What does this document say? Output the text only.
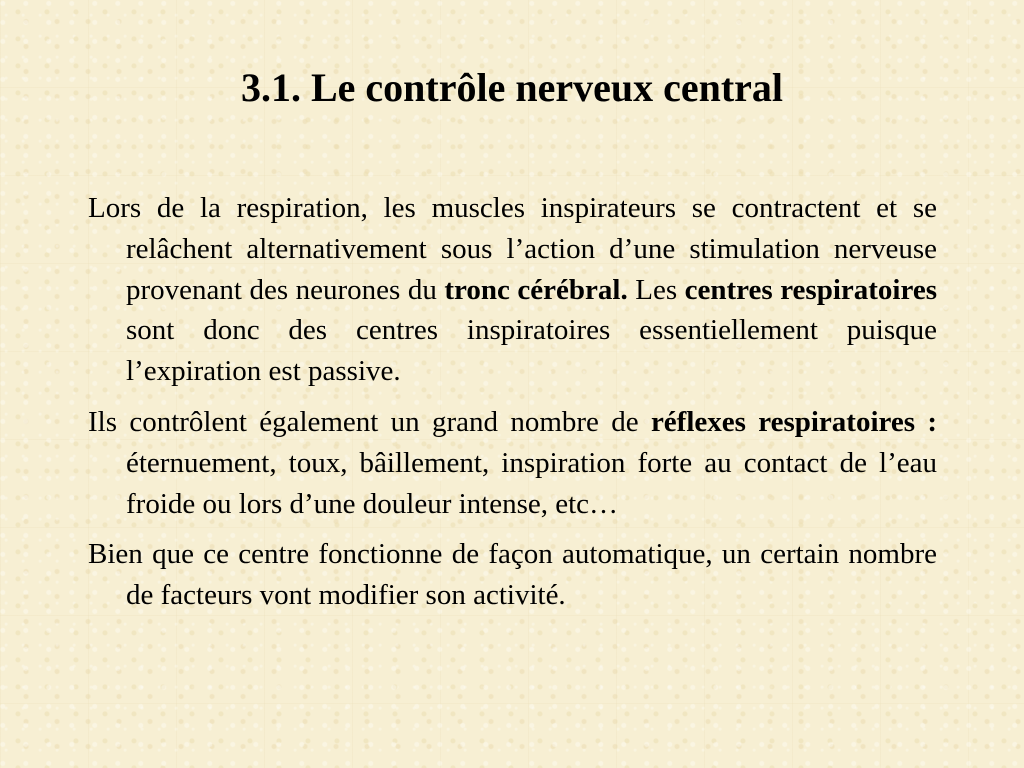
3.1. Le contrôle nerveux central

Lors de la respiration, les muscles inspirateurs se contractent et se relâchent alternativement sous l’action d’une stimulation nerveuse provenant des neurones du tronc cérébral. Les centres respiratoires sont donc des centres inspiratoires essentiellement puisque l’expiration est passive.

Ils contrôlent également un grand nombre de réflexes respiratoires : éternuement, toux, bâillement, inspiration forte au contact de l’eau froide ou lors d’une douleur intense, etc…

Bien que ce centre fonctionne de façon automatique, un certain nombre de facteurs vont modifier son activité.
